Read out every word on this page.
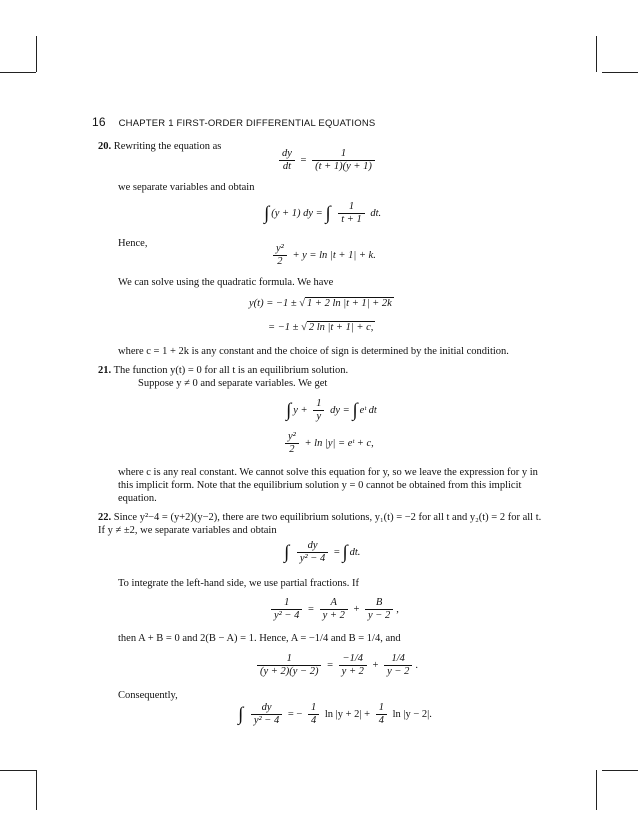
16 CHAPTER 1 FIRST-ORDER DIFFERENTIAL EQUATIONS
20. Rewriting the equation as
$\frac{dy}{dt} = \frac{1}{(t + 1)(y + 1)}$
we separate variables and obtain
∫ (y + 1) dy = ∫ $\frac{1}{t + 1}$ dt.
Hence,	$\frac{\text{y²}}{2} + y = \ln |t + 1| + k$.
We can solve using the quadratic formula. We have
y(t) = −1 ± √ 1 + 2 ln |t + 1| + 2k
= −1 ± √ 2 ln |t + 1| + c,
where c = 1 + 2k is any constant and the choice of sign is determined by the initial condition.
21. The function y(t) = 0 for all t is an equilibrium solution.
Suppose y ≠ 0 and separate variables. We get
∫ $y + \frac{1}{y}$ dy = ∫ eᵗ dt
$\frac{\text{y²}}{2} + \ln |y|$ = eᵗ + c,
where c is any real constant. We cannot solve this equation for y, so we leave the expression for y in this implicit form. Note that the equilibrium solution y = 0 cannot be obtained from this implicit equation.
22. Since y²−4 = (y+2)(y−2), there are two equilibrium solutions, y₁(t) = −2 for all t and y₂(t) = 2 for all t. If y ≠ ±2, we separate variables and obtain
∫ $\frac{dy}{\text{y² − 4}}$ = ∫ dt.
To integrate the left-hand side, we use partial fractions. If
$\frac{1}{\text{y² − 4}} = \frac{A}{y + 2} + \frac{B}{y - 2}$ ,
then A + B = 0 and 2(B − A) = 1. Hence, A = −1/4 and B = 1/4, and
$\frac{1}{(y + 2)(y - 2)} = \frac{-1/4}{y + 2} + \frac{1/4}{y - 2}$ .
Consequently,
∫ $\frac{dy}{\text{y² − 4}}$ = − $\frac{1}{4}$ $\ln |y + 2| + \frac{1}{4}$ ln |y − 2|.
